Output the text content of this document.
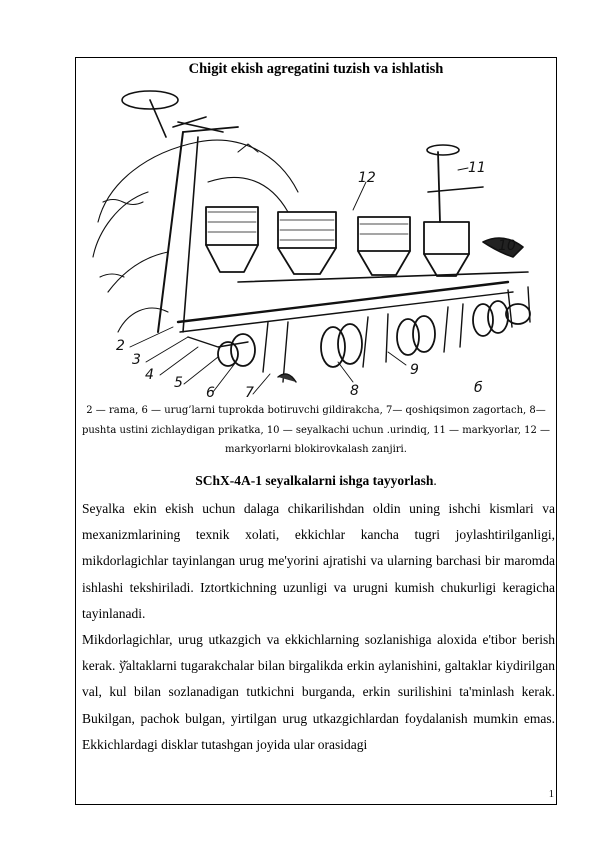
Chigit ekish agregatini tuzish va ishlatish
2
3
4 5
6 7	8
9
10
11
12
б
2 — rama, 6 — urug’larni tuprokda botiruvchi gildirakcha, 7— qoshiqsimon zagortach, 8— pushta ustini zichlaydigan prikatka, 10 — seyalkachi uchun .urindiq, 11 — markyorlar, 12 — markyorlarni blokirovkalash zanjiri.
SChX-4A-1 seyalkalarni ishga tayyorlash.
Seyalka ekin ekish uchun dalaga chikarilishdan oldin uning ishchi kismlari va mexanizmlarining texnik xolati, ekkichlar kancha tugri joylashtirilganligi, mikdorlagichlar tayinlangan urug me'yorini ajratishi va ularning barchasi bir maromda ishlashi tekshiriladi. Iztortkichning uzunligi va urugni kumish chukurligi keragicha tayinlanadi.
Mikdorlagichlar, urug utkazgich va ekkichlarning sozlanishiga aloxida e'tibor berish kerak. ў̆altaklarni tugarakchalar bilan birgalikda erkin aylanishini, galtaklar kiydirilgan val, kul bilan sozlanadigan tutkichni burganda, erkin surilishini ta'minlash kerak. Bukilgan, pachok bulgan, yirtilgan urug utkazgichlardan foydalanish mumkin emas. Ekkichlardagi disklar tutashgan joyida ular orasidagi
1
